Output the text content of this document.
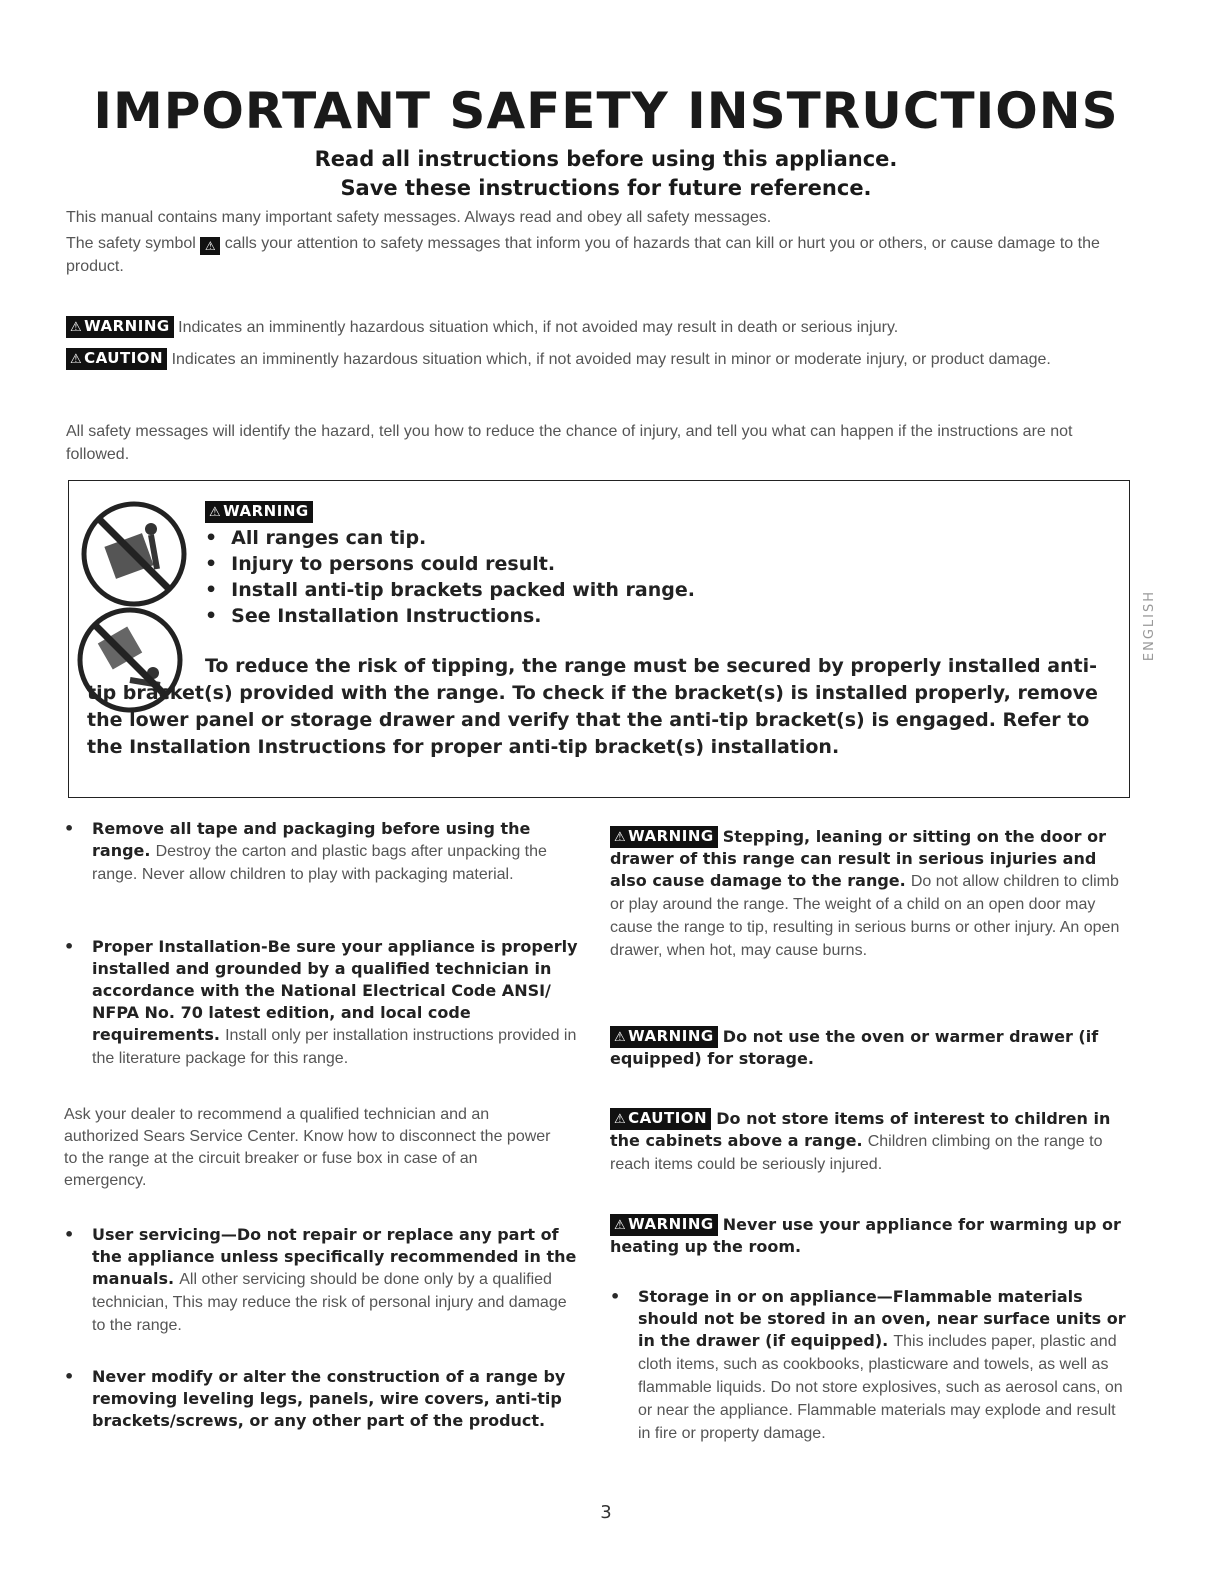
IMPORTANT SAFETY INSTRUCTIONS

Read all instructions before using this appliance.

Save these instructions for future reference.

This manual contains many important safety messages. Always read and obey all safety messages.

The safety symbol ⚠ calls your attention to safety messages that inform you of hazards that can kill or hurt you or others, or cause damage to the product.

⚠ WARNING Indicates an imminently hazardous situation which, if not avoided may result in death or serious injury.

⚠ CAUTION Indicates an imminently hazardous situation which, if not avoided may result in minor or moderate injury, or product damage.

All safety messages will identify the hazard, tell you how to reduce the chance of injury, and tell you what can happen if the instructions are not followed.

⚠ WARNING
• All ranges can tip.
• Injury to persons could result.
• Install anti-tip brackets packed with range.
• See Installation Instructions.

To reduce the risk of tipping, the range must be secured by properly installed anti-tip bracket(s) provided with the range. To check if the bracket(s) is installed properly, remove the lower panel or storage drawer and verify that the anti-tip bracket(s) is engaged. Refer to the Installation Instructions for proper anti-tip bracket(s) installation.

• Remove all tape and packaging before using the range. Destroy the carton and plastic bags after unpacking the range. Never allow children to play with packaging material.

• Proper Installation-Be sure your appliance is properly installed and grounded by a qualified technician in accordance with the National Electrical Code ANSI/ NFPA No. 70 latest edition, and local code requirements. Install only per installation instructions provided in the literature package for this range.

Ask your dealer to recommend a qualified technician and an authorized Sears Service Center. Know how to disconnect the power to the range at the circuit breaker or fuse box in case of an emergency.

• User servicing—Do not repair or replace any part of the appliance unless specifically recommended in the manuals. All other servicing should be done only by a qualified technician, This may reduce the risk of personal injury and damage to the range.

• Never modify or alter the construction of a range by removing leveling legs, panels, wire covers, anti-tip brackets/screws, or any other part of the product.

⚠ WARNING Stepping, leaning or sitting on the door or drawer of this range can result in serious injuries and also cause damage to the range. Do not allow children to climb or play around the range. The weight of a child on an open door may cause the range to tip, resulting in serious burns or other injury. An open drawer, when hot, may cause burns.

⚠ WARNING Do not use the oven or warmer drawer (if equipped) for storage.

⚠ CAUTION Do not store items of interest to children in the cabinets above a range. Children climbing on the range to reach items could be seriously injured.

⚠ WARNING Never use your appliance for warming up or heating up the room.

• Storage in or on appliance—Flammable materials should not be stored in an oven, near surface units or in the drawer (if equipped). This includes paper, plastic and cloth items, such as cookbooks, plasticware and towels, as well as flammable liquids. Do not store explosives, such as aerosol cans, on or near the appliance. Flammable materials may explode and result in fire or property damage.

ENGLISH
3
